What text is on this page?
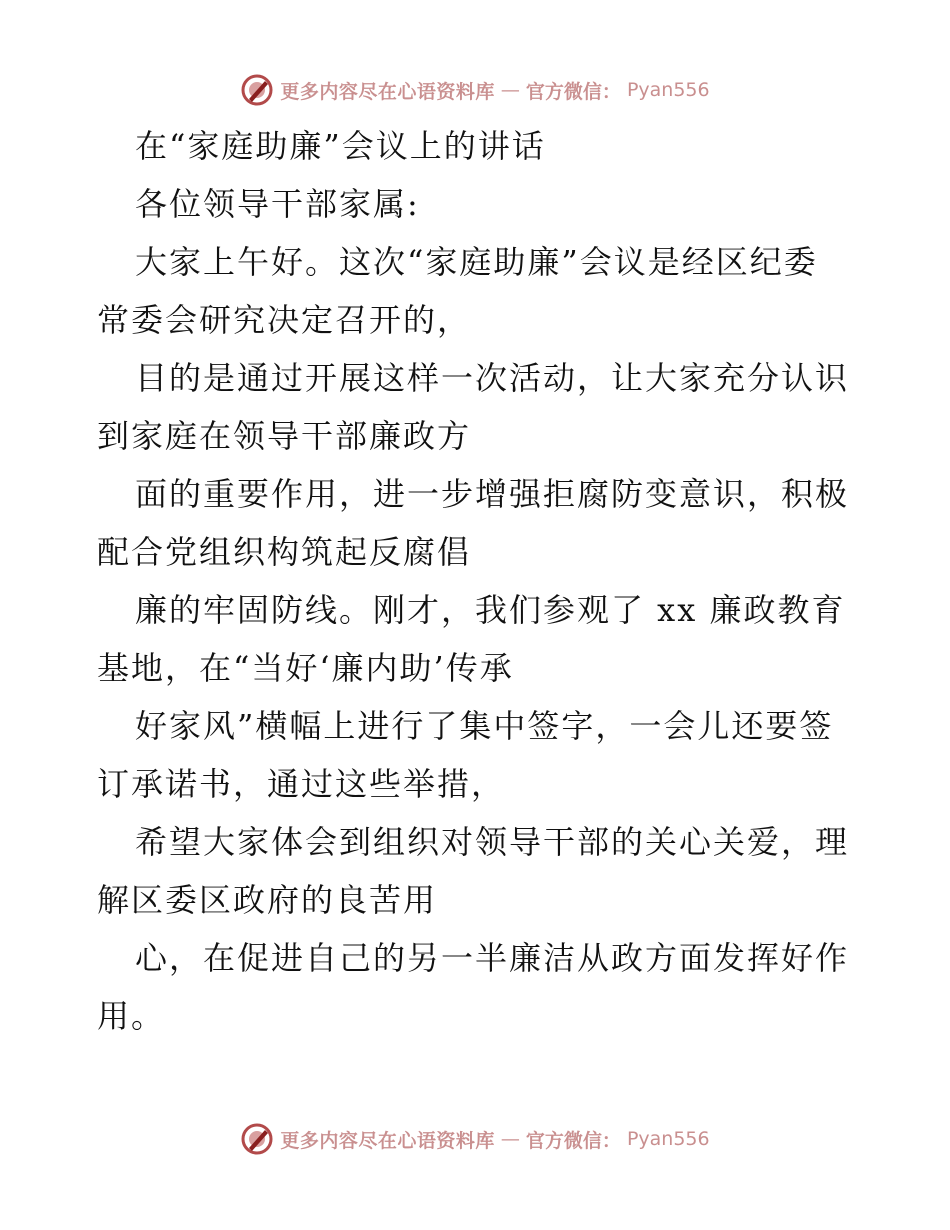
更多内容尽在心语资料库 — 官方微信： Pyan556
在“家庭助廉”会议上的讲话
各位领导干部家属:
大家上午好。这次“家庭助廉”会议是经区纪委
常委会研究决定召开的，
目的是通过开展这样一次活动，让大家充分认识
到家庭在领导干部廉政方
面的重要作用，进一步增强拒腐防变意识，积极
配合党组织构筑起反腐倡
廉的牢固防线。刚才，我们参观了 xx 廉政教育
基地，在“当好‘廉内助’传承
好家风”横幅上进行了集中签字，一会儿还要签
订承诺书，通过这些举措，
希望大家体会到组织对领导干部的关心关爱，理
解区委区政府的良苦用
心，在促进自己的另一半廉洁从政方面发挥好作
用。
更多内容尽在心语资料库 — 官方微信： Pyan556
